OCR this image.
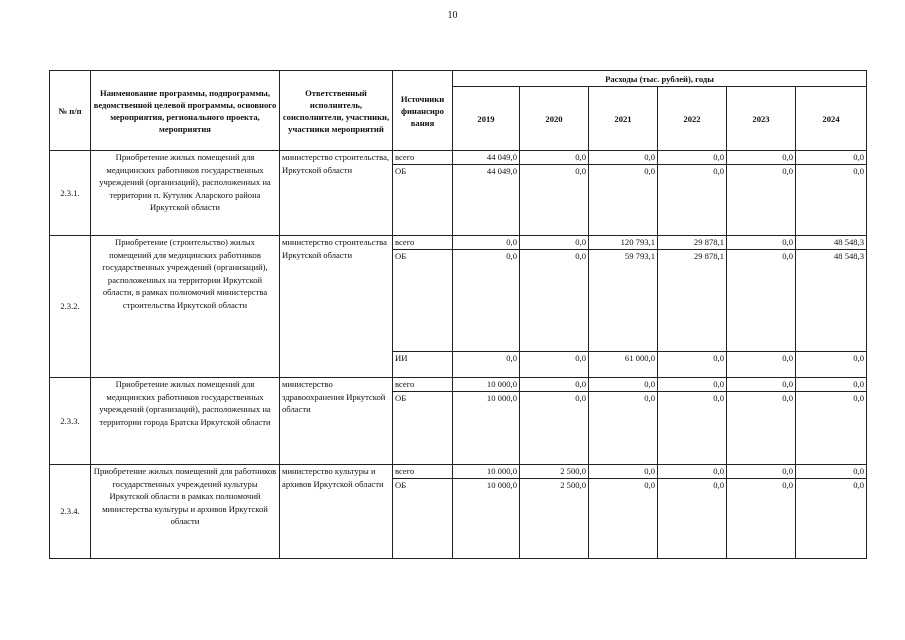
10
№ п/п	Наименование программы, подпрограммы, ведомственной целевой программы, основного мероприятия, регионального проекта, мероприятия	Ответственный исполнитель, соисполнители, участники, участники мероприятий	Источники финансиро вания	Расходы (тыс. рублей), годы					
				2019	2020	2021	2022	2023	2024
2.3.1.	Приобретение жилых помещений для медицинских работников государственных учреждений (организаций), расположенных на территории п. Кутулик Аларского района Иркутской области	министерство строительства, Иркутской области	всего	44 049,0	0,0	0,0	0,0	0,0	0,0
			ОБ	44 049,0	0,0	0,0	0,0	0,0	0,0
2.3.2.	Приобретение (строительство) жилых помещений для медицинских работников государственных учреждений (организаций), расположенных на территории Иркутской области, в рамках полномочий министерства строительства Иркутской области	министерство строительства Иркутской области	всего	0,0	0,0	120 793,1	29 878,1	0,0	48 548,3
			ОБ	0,0	0,0	59 793,1	29 878,1	0,0	48 548,3
			ИИ	0,0	0,0	61 000,0	0,0	0,0	0,0
2.3.3.	Приобретение жилых помещений для медицинских работников государственных учреждений (организаций), расположенных на территории города Братска Иркутской области	министерство здравоохранения Иркутской области	всего	10 000,0	0,0	0,0	0,0	0,0	0,0
			ОБ	10 000,0	0,0	0,0	0,0	0,0	0,0
2.3.4.	Приобретение жилых помещений для работников государственных учреждений культуры Иркутской области в рамках полномочий министерства культуры и архивов Иркутской области	министерство культуры и архивов Иркутской области	всего	10 000,0	2 500,0	0,0	0,0	0,0	0,0
			ОБ	10 000,0	2 500,0	0,0	0,0	0,0	0,0
